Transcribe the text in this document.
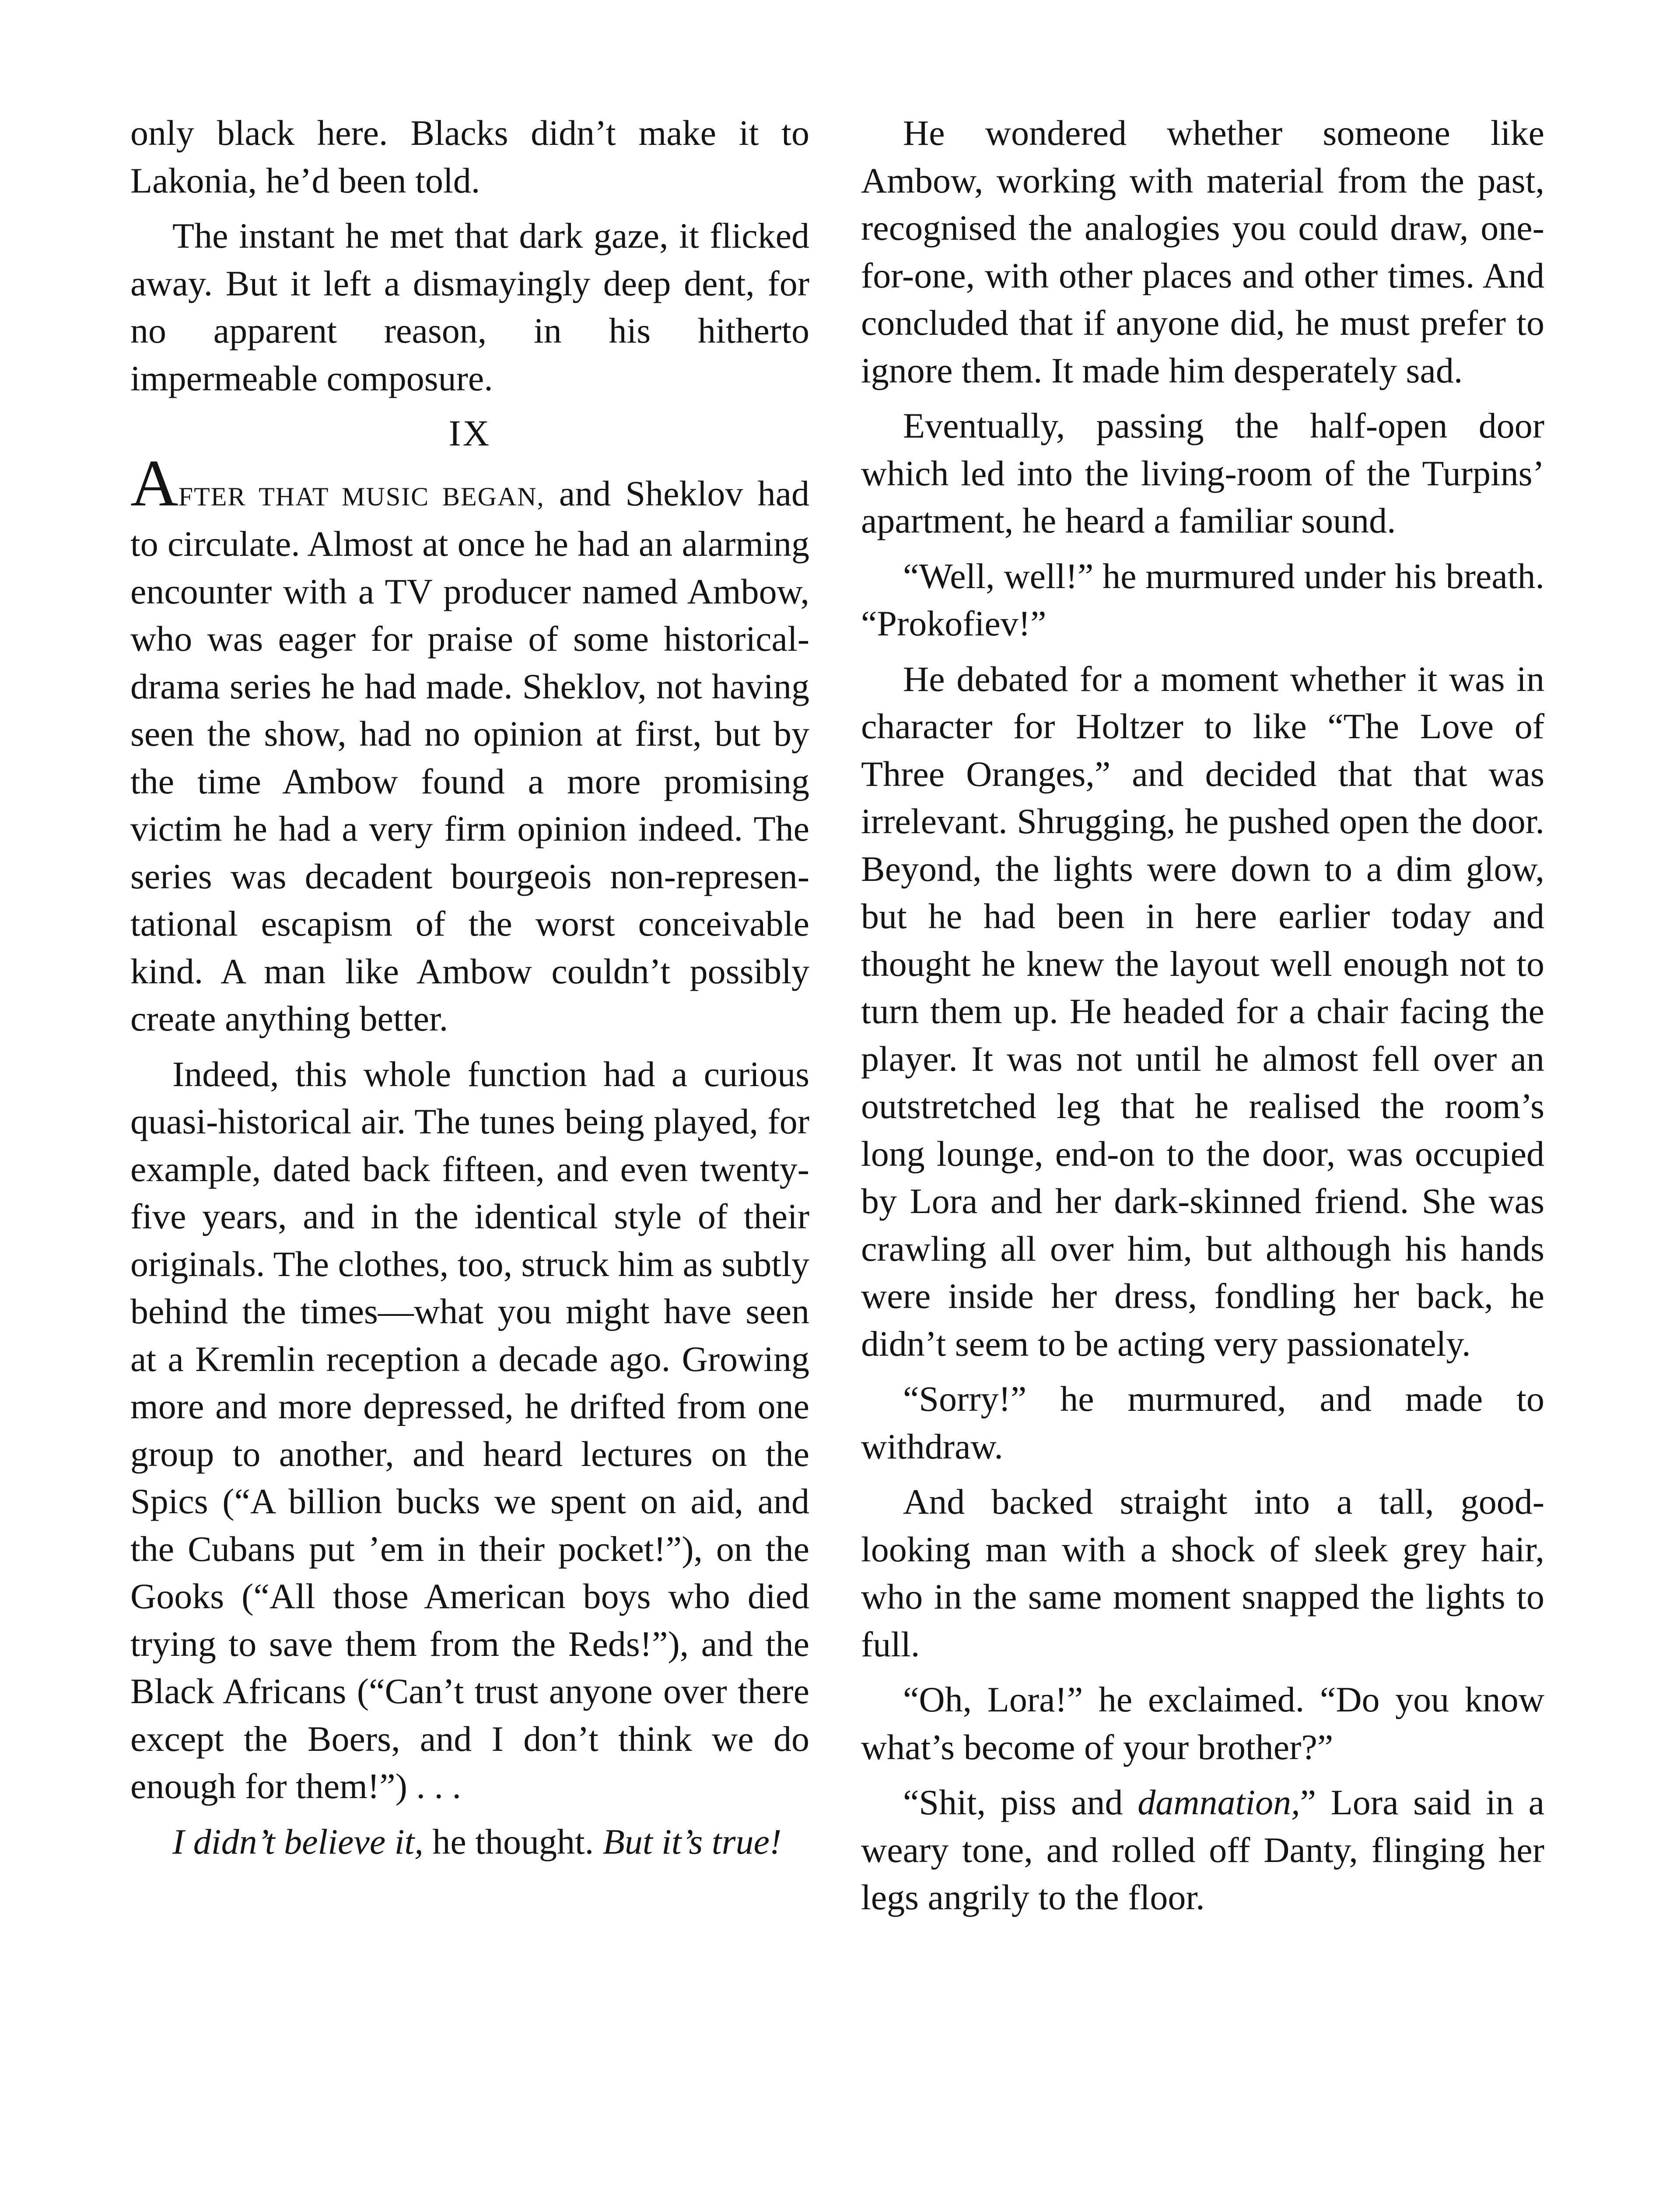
only black here. Blacks didn’t make it to Lakonia, he’d been told.

The instant he met that dark gaze, it flicked away. But it left a dismayingly deep dent, for no apparent reason, in his hitherto impermeable composure.

IX

AFTER THAT MUSIC BEGAN, and Sheklov had to circulate. Almost at once he had an alarming encounter with a TV producer named Ambow, who was eager for praise of some historical-drama series he had made. Sheklov, not having seen the show, had no opinion at first, but by the time Ambow found a more promising victim he had a very firm opinion indeed. The series was decadent bourgeois non-representational escapism of the worst conceivable kind. A man like Ambow couldn’t possibly create anything better.

Indeed, this whole function had a curious quasi-historical air. The tunes being played, for example, dated back fifteen, and even twenty-five years, and in the identical style of their originals. The clothes, too, struck him as subtly behind the times—what you might have seen at a Kremlin reception a decade ago. Growing more and more depressed, he drifted from one group to another, and heard lectures on the Spics (“A billion bucks we spent on aid, and the Cubans put ’em in their pocket!”), on the Gooks (“All those American boys who died trying to save them from the Reds!”), and the Black Africans (“Can’t trust anyone over there except the Boers, and I don’t think we do enough for them!”) . . .

I didn’t believe it, he thought. But it’s true!

He wondered whether someone like Ambow, working with material from the past, recognised the analogies you could draw, one-for-one, with other places and other times. And concluded that if anyone did, he must prefer to ignore them. It made him desperately sad.

Eventually, passing the half-open door which led into the living-room of the Turpins’ apartment, he heard a familiar sound.

“Well, well!” he murmured under his breath. “Prokofiev!”

He debated for a moment whether it was in character for Holtzer to like “The Love of Three Oranges,” and decided that that was irrelevant. Shrugging, he pushed open the door. Beyond, the lights were down to a dim glow, but he had been in here earlier today and thought he knew the layout well enough not to turn them up. He headed for a chair facing the player. It was not until he almost fell over an outstretched leg that he realised the room’s long lounge, end-on to the door, was occupied by Lora and her dark-skinned friend. She was crawling all over him, but although his hands were inside her dress, fondling her back, he didn’t seem to be acting very passionately.

“Sorry!” he murmured, and made to withdraw.

And backed straight into a tall, good-looking man with a shock of sleek grey hair, who in the same moment snapped the lights to full.

“Oh, Lora!” he exclaimed. “Do you know what’s become of your brother?”

“Shit, piss and damnation,” Lora said in a weary tone, and rolled off Danty, flinging her legs angrily to the floor.
